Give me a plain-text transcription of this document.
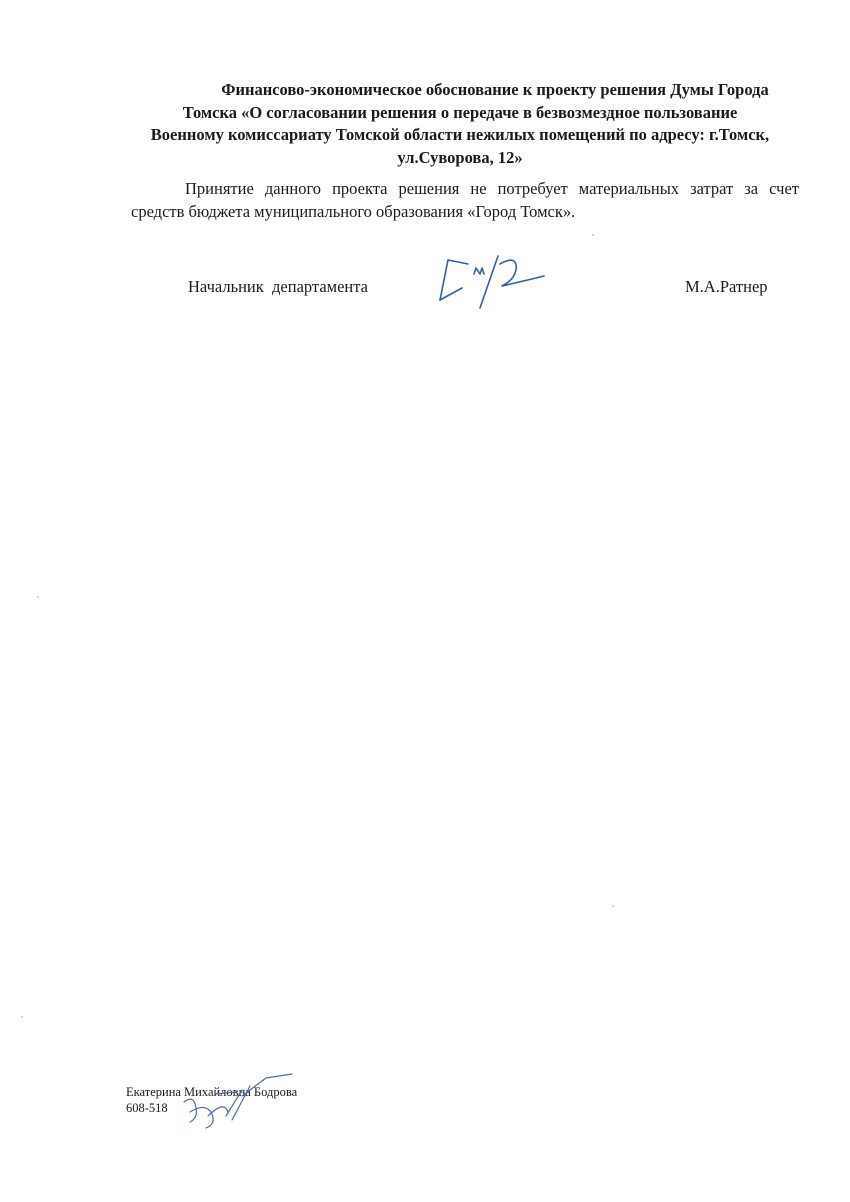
Финансово-экономическое обоснование к проекту решения Думы Города
Томска «О согласовании решения о передаче в безвозмездное пользование
Военному комиссариату Томской области нежилых помещений по адресу: г.Томск,
ул.Суворова, 12»
Принятие данного проекта решения не потребует материальных затрат за счет
средств бюджета муниципального образования «Город Томск».
Начальник  департамента	М.А.Ратнер
Екатерина Михайловна Бодрова
608-518
